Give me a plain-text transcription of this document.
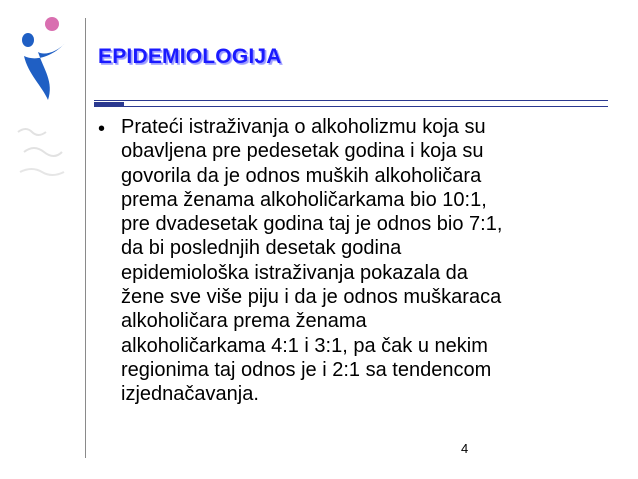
EPIDEMIOLOGIJA
• Prateći istraživanja o alkoholizmu koja su
obavljena pre pedesetak godina i koja su
govorila da je odnos muških alkoholičara
prema ženama alkoholičarkama bio 10:1,
pre dvadesetak godina taj je odnos bio 7:1,
da bi poslednjih desetak godina
epidemiološka istraživanja pokazala da
žene sve više piju i da je odnos muškaraca
alkoholičara prema ženama
alkoholičarkama 4:1 i 3:1, pa čak u nekim
regionima taj odnos je i 2:1 sa tendencom
izjednačavanja.

4
